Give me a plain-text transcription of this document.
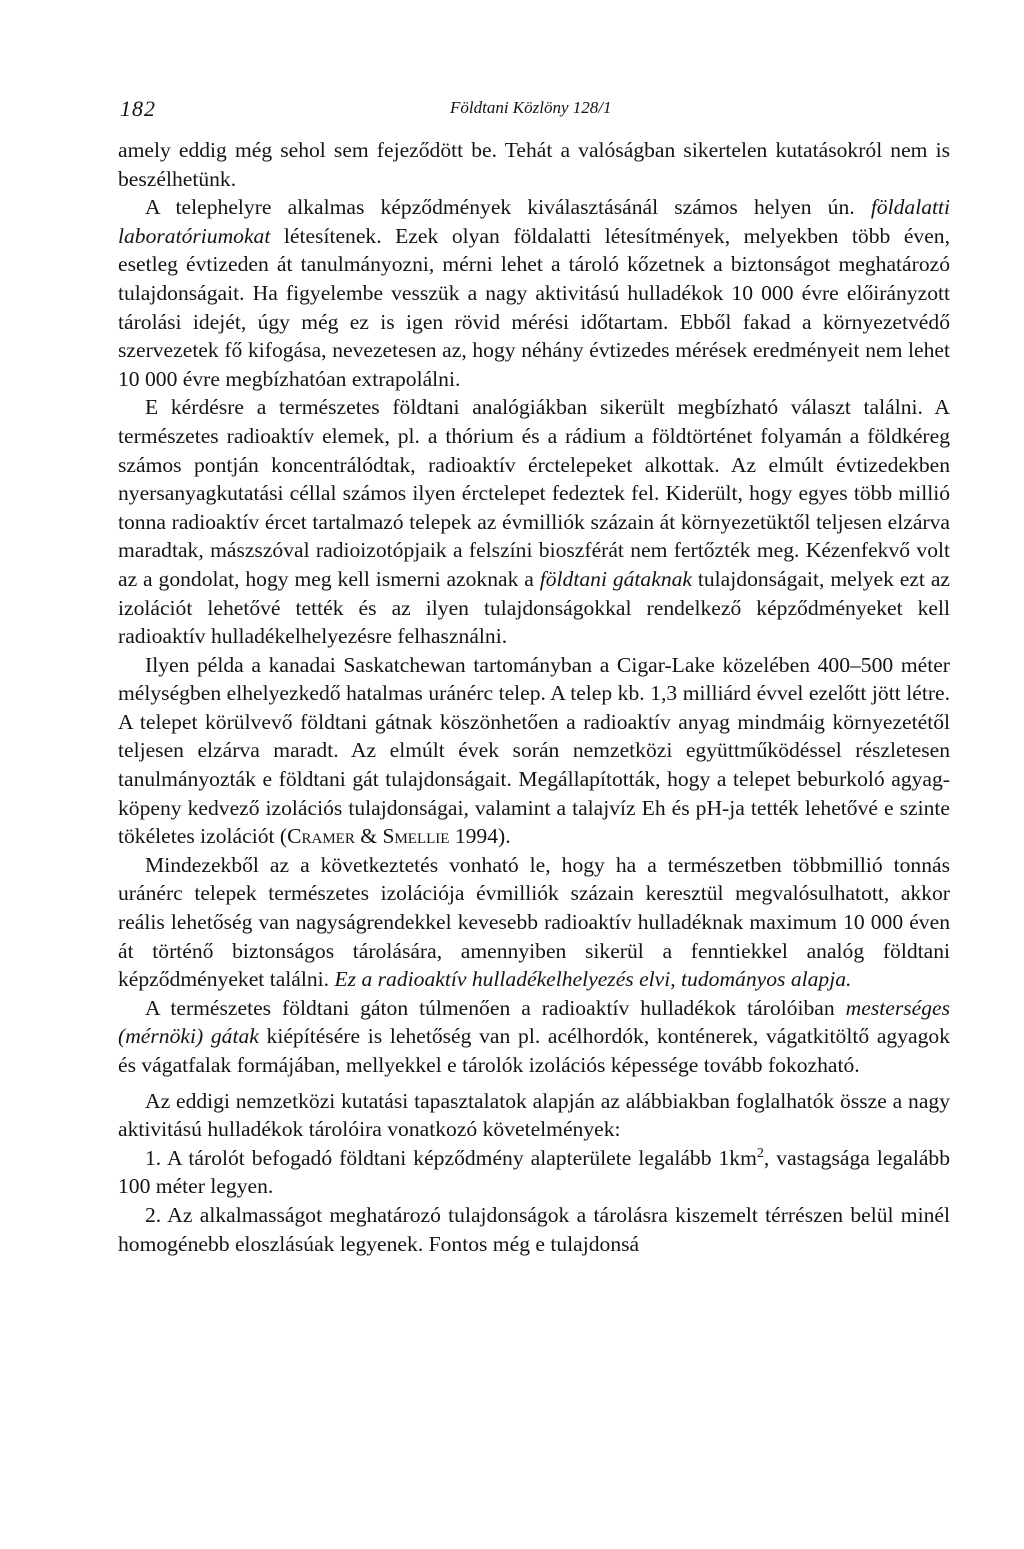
182	Földtani Közlöny 128/1

amely eddig még sehol sem fejeződött be. Tehát a valóságban sikertelen kutatásokról nem is beszélhetünk.

A telephelyre alkalmas képződmények kiválasztásánál számos helyen ún. földalatti laboratóriumokat létesítenek. Ezek olyan földalatti létesítmények, melyekben több éven, esetleg évtizeden át tanulmányozni, mérni lehet a tároló kőzetnek a biztonságot meghatározó tulajdonságait. Ha figyelembe vesszük a nagy aktivitású hulladékok 10 000 évre előirányzott tárolási idejét, úgy még ez is igen rövid mérési időtartam. Ebből fakad a környezetvédő szervezetek fő kifogása, nevezetesen az, hogy néhány évtizedes mérések eredményeit nem lehet 10 000 évre megbízhatóan extrapolálni.

E kérdésre a természetes földtani analógiákban sikerült megbízható választ találni. A természetes radioaktív elemek, pl. a thórium és a rádium a földtörténet folyamán a földkéreg számos pontján koncentrálódtak, radioaktív érctelepeket alkottak. Az elmúlt évtizedekben nyersanyagkutatási céllal számos ilyen érctelepet fedeztek fel. Kiderült, hogy egyes több millió tonna radioaktív ércet tartalmazó telepek az évmilliók százain át környezetüktől teljesen elzárva maradtak, mászszóval radioizotópjaik a felszíni bioszférát nem fertőzték meg. Kézenfekvő volt az a gondolat, hogy meg kell ismerni azoknak a földtani gátaknak tulajdonságait, melyek ezt az izolációt lehetővé tették és az ilyen tulajdonságokkal rendelkező képződményeket kell radioaktív hulladékelhelyezésre felhasználni.

Ilyen példa a kanadai Saskatchewan tartományban a Cigar-Lake közelében 400–500 méter mélységben elhelyezkedő hatalmas uránérc telep. A telep kb. 1,3 milliárd évvel ezelőtt jött létre. A telepet körülvevő földtani gátnak köszönhetően a radioaktív anyag mindmáig környezetétől teljesen elzárva maradt. Az elmúlt évek során nemzetközi együttműködéssel részletesen tanulmányozták e földtani gát tulajdonságait. Megállapították, hogy a telepet beburkoló agyagköpeny kedvező izolációs tulajdonságai, valamint a talajvíz Eh és pH-ja tették lehetővé e szinte tökéletes izolációt (Cramer & Smellie 1994).

Mindezekből az a következtetés vonható le, hogy ha a természetben többmillió tonnás uránérc telepek természetes izolációja évmilliók százain keresztül megvalósulhatott, akkor reális lehetőség van nagyságrendekkel kevesebb radioaktív hulladéknak maximum 10 000 éven át történő biztonságos tárolására, amennyiben sikerül a fenntiekkel analóg földtani képződményeket találni. Ez a radioaktív hulladékelhelyezés elvi, tudományos alapja.

A természetes földtani gáton túlmenően a radioaktív hulladékok tárolóiban mesterséges (mérnöki) gátak kiépítésére is lehetőség van pl. acélhordók, konténerek, vágatkitöltő agyagok és vágatfalak formájában, mellyekkel e tárolók izolációs képessége tovább fokozható.

Az eddigi nemzetközi kutatási tapasztalatok alapján az alábbiakban foglalhatók össze a nagy aktivitású hulladékok tárolóira vonatkozó követelmények:

1. A tárolót befogadó földtani képződmény alapterülete legalább $1km^2$, vastagsága legalább 100 méter legyen.

2. Az alkalmasságot meghatározó tulajdonságok a tárolásra kiszemelt térrészen belül minél homogénebb eloszlásúak legyenek. Fontos még e tulajdonsá
